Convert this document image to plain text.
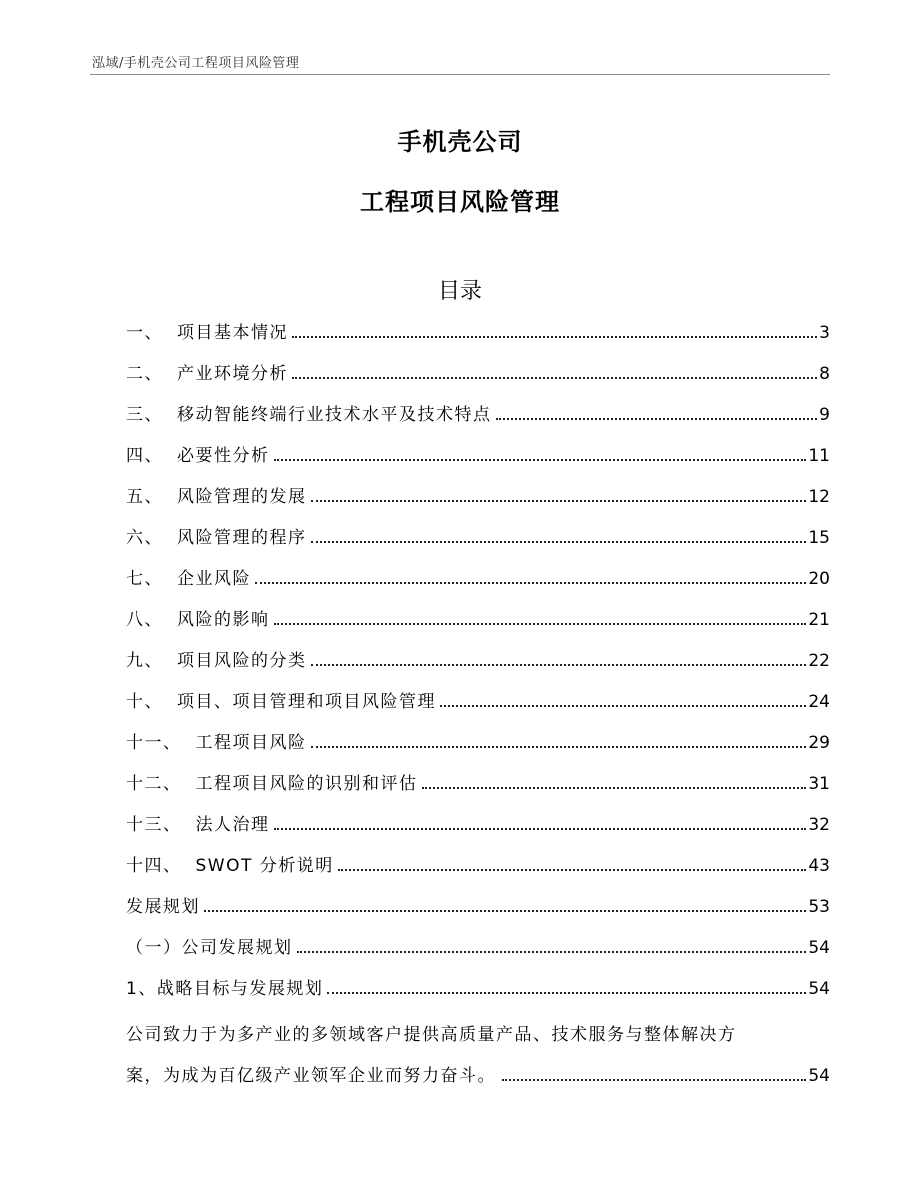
泓域/手机壳公司工程项目风险管理
手机壳公司
工程项目风险管理
目录
一、 项目基本情况	3
二、 产业环境分析	8
三、 移动智能终端行业技术水平及技术特点	9
四、 必要性分析	11
五、 风险管理的发展	12
六、 风险管理的程序	15
七、 企业风险	20
八、 风险的影响	21
九、 项目风险的分类	22
十、 项目、项目管理和项目风险管理	24
十一、 工程项目风险	29
十二、 工程项目风险的识别和评估	31
十三、 法人治理	32
十四、 SWOT 分析说明	43
发展规划	53
（一）公司发展规划	54
1、战略目标与发展规划	54
公司致力于为多产业的多领域客户提供高质量产品、技术服务与整体解决方
案，为成为百亿级产业领军企业而努力奋斗。	54
